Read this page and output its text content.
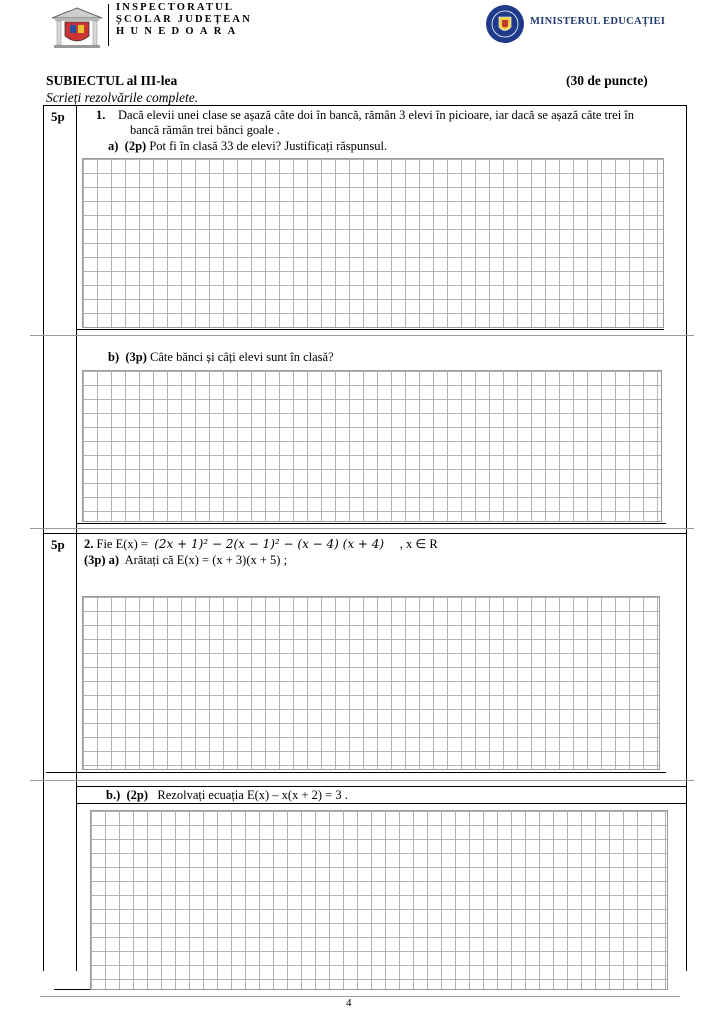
INSPECTORATUL
ȘCOLAR JUDEȚEAN
HUNEDOARA
MINISTERUL EDUCAȚIEI
SUBIECTUL al III-lea	(30 de puncte)
Scrieți rezolvările complete.
5p	1. Dacă elevii unei clase se așază câte doi în bancă, rămân 3 elevi în picioare, iar dacă se așază câte trei în
bancă rămân trei bănci goale .
a) (2p) Pot fi în clasă 33 de elevi? Justificați răspunsul.
b) (3p) Câte bănci și câți elevi sunt în clasă?
5p 2. Fie E(x) = (2x + 1)² − 2(x − 1)² − (x − 4) (x + 4) , x ∈ R
(3p) a) Arătați că E(x) = (x + 3)(x + 5) ;
b.) (2p) Rezolvați ecuația E(x) – x(x + 2) = 3 .
4
